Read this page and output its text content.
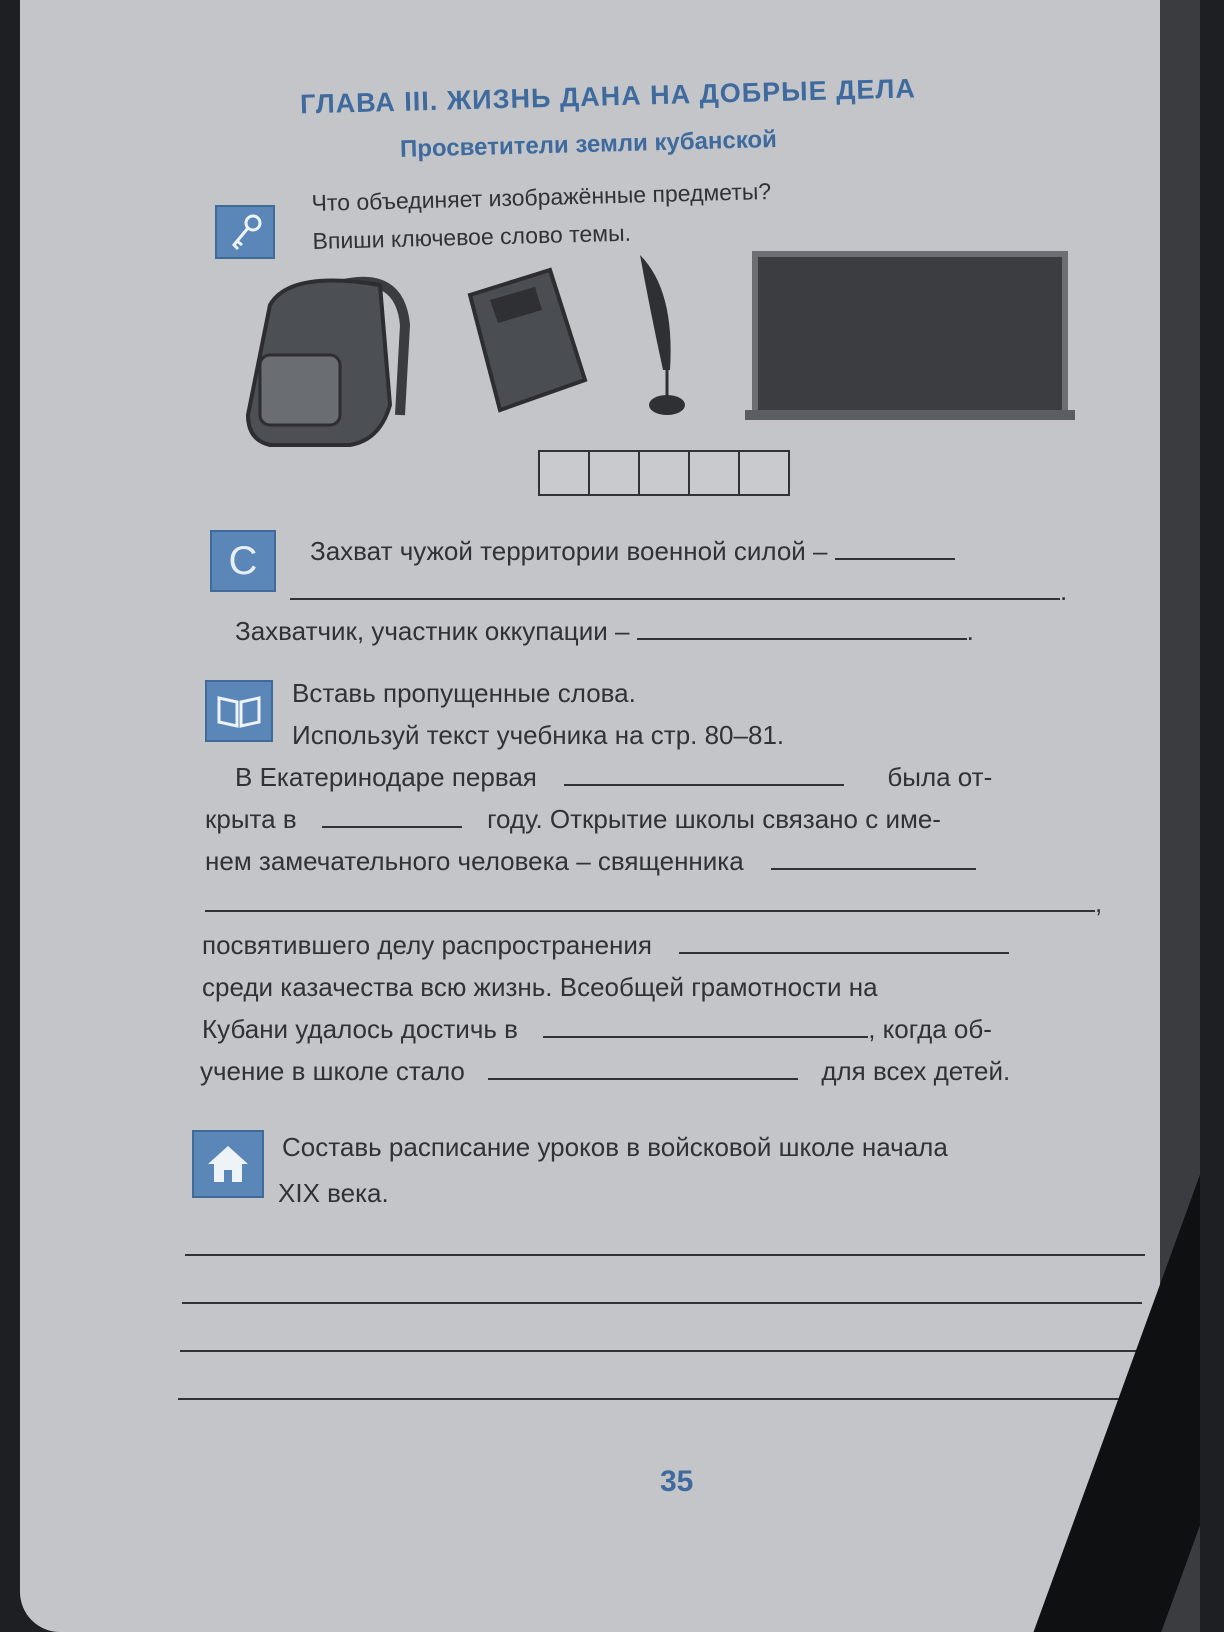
ГЛАВА III. ЖИЗНЬ ДАНА НА ДОБРЫЕ ДЕЛА
Просветители земли кубанской
Что объединяет изображённые предметы?
Впиши ключевое слово темы.
C	Захват чужой территории военной силой –
.
Захватчик, участник оккупации –	.
Вставь пропущенные слова.
Используй текст учебника на стр. 80–81.
В Екатеринодаре первая	была от-
крыта в	году. Открытие школы связано с име-
нем замечательного человека – священника
,
посвятившего делу распространения
среди казачества всю жизнь. Всеобщей грамотности на
Кубани удалось достичь в	, когда об-
учение в школе стало	для всех детей.
Составь расписание уроков в войсковой школе начала
XIX века.
35
